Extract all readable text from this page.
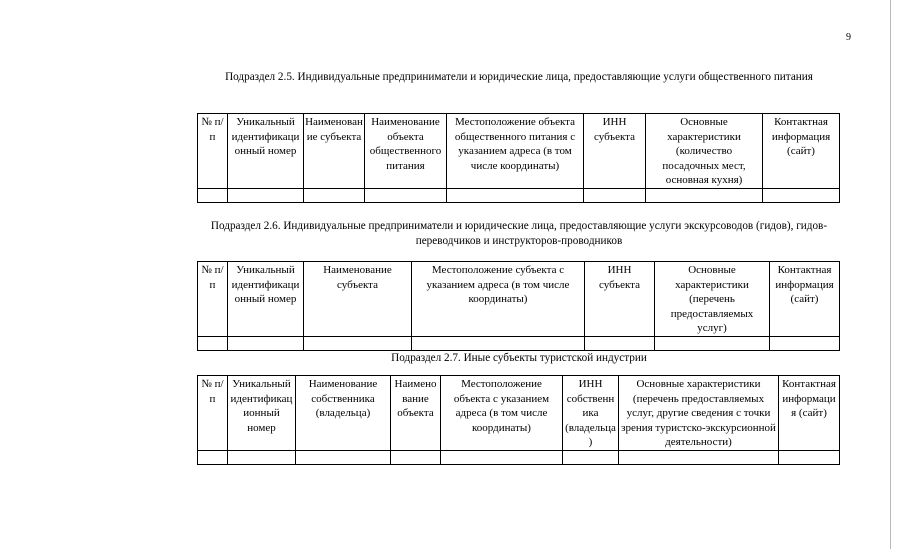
9
Подраздел 2.5. Индивидуальные предприниматели и юридические лица, предоставляющие услуги общественного питания
№ п/п	Уникальный идентификационный номер	Наименование субъекта	Наименование объекта общественного питания	Местоположение объекта общественного питания с указанием адреса (в том числе координаты)	ИНН субъекта	Основные характеристики (количество посадочных мест, основная кухня)	Контактная информация (сайт)

Подраздел 2.6. Индивидуальные предприниматели и юридические лица, предоставляющие услуги экскурсоводов (гидов), гидов-переводчиков и инструкторов-проводников
№ п/п	Уникальный идентификационный номер	Наименование субъекта	Местоположение субъекта с указанием адреса (в том числе координаты)	ИНН субъекта	Основные характеристики (перечень предоставляемых услуг)	Контактная информация (сайт)

Подраздел 2.7. Иные субъекты туристской индустрии
№ п/п	Уникальный идентификационный номер	Наименование собственника (владельца)	Наименование объекта	Местоположение объекта с указанием адреса (в том числе координаты)	ИНН собственника (владельца)	Основные характеристики (перечень предоставляемых услуг, другие сведения с точки зрения туристско-экскурсионной деятельности)	Контактная информация (сайт)
